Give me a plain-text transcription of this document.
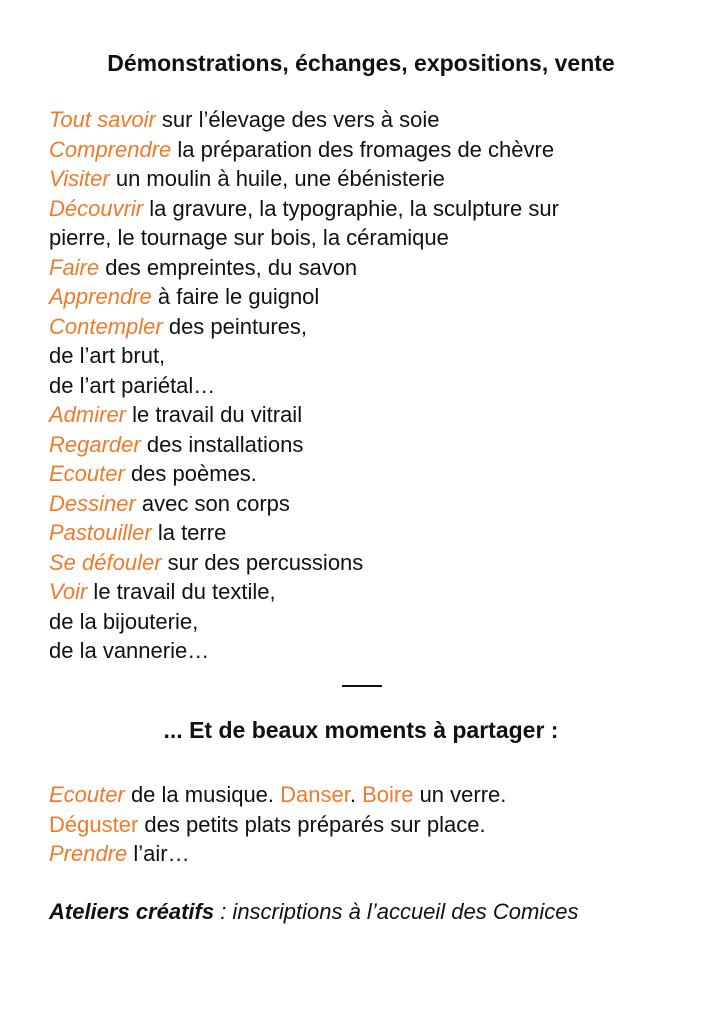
Démonstrations, échanges, expositions, vente
Tout savoir sur l’élevage des vers à soie
Comprendre la préparation des fromages de chèvre
Visiter un moulin à huile, une ébénisterie
Découvrir la gravure, la typographie, la sculpture sur
pierre, le tournage sur bois, la céramique
Faire des empreintes, du savon
Apprendre à faire le guignol
Contempler des peintures,
de l’art brut,
de l’art pariétal…
Admirer le travail du vitrail
Regarder des installations
Ecouter des poèmes.
Dessiner avec son corps
Pastouiller la terre
Se défouler sur des percussions
Voir le travail du textile,
de la bijouterie,
de la vannerie…
... Et de beaux moments à partager :
Ecouter de la musique. Danser. Boire un verre.
Déguster des petits plats préparés sur place.
Prendre l’air…
Ateliers créatifs : inscriptions à l’accueil des Comices
